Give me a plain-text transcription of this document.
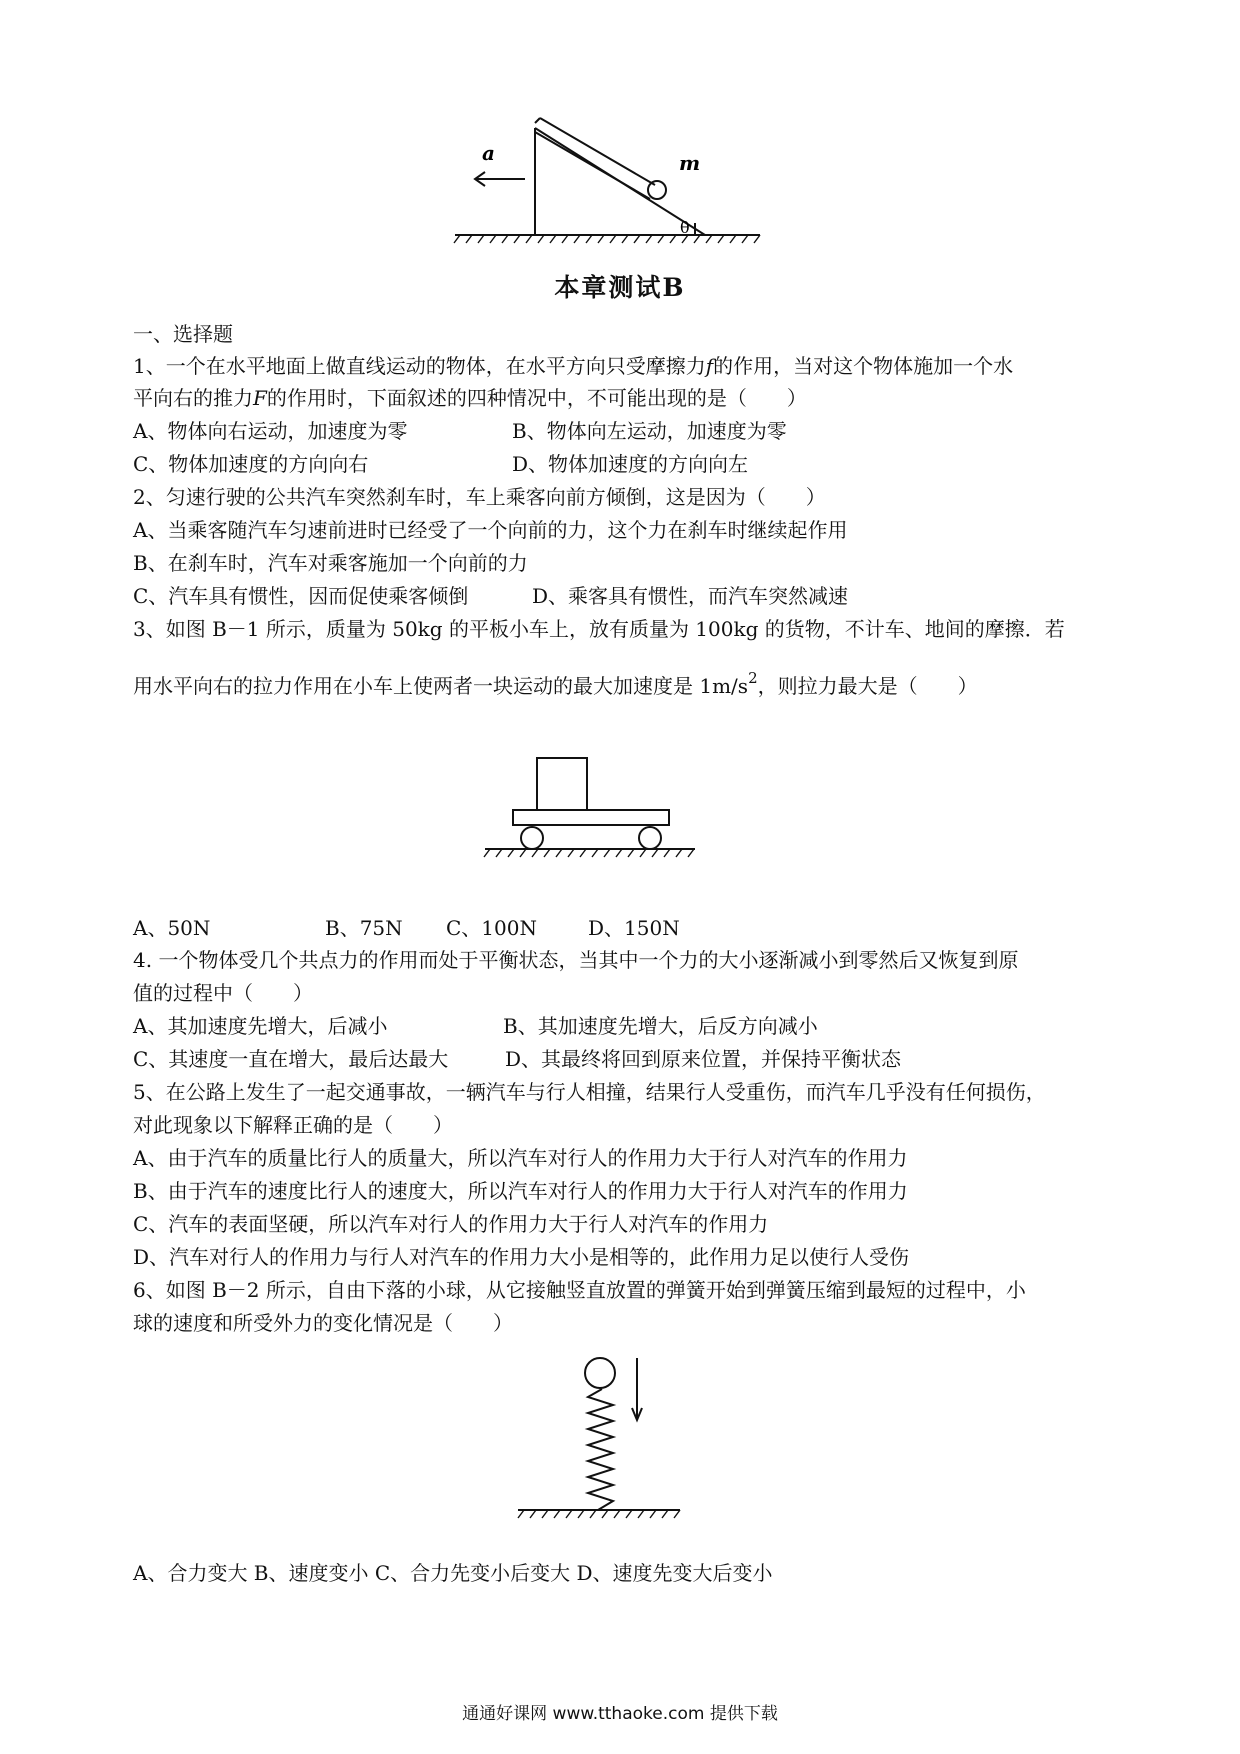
a	m
θ
本章测试B
一、选择题
1、一个在水平地面上做直线运动的物体，在水平方向只受摩擦力f的作用，当对这个物体施加一个水
平向右的推力F的作用时，下面叙述的四种情况中，不可能出现的是（　　）
A、物体向右运动，加速度为零	B、物体向左运动，加速度为零
C、物体加速度的方向向右	D、物体加速度的方向向左
2、匀速行驶的公共汽车突然刹车时，车上乘客向前方倾倒，这是因为（　　）
A、当乘客随汽车匀速前进时已经受了一个向前的力，这个力在刹车时继续起作用
B、在刹车时，汽车对乘客施加一个向前的力
C、汽车具有惯性，因而促使乘客倾倒	D、乘客具有惯性，而汽车突然减速
3、如图 B－1 所示，质量为 50kg 的平板小车上，放有质量为 100kg 的货物，不计车、地间的摩擦．若
用水平向右的拉力作用在小车上使两者一块运动的最大加速度是 $1m/s^2$，则拉力最大是（　　）
A、50N	B、75N C、100N	D、150N
4. 一个物体受几个共点力的作用而处于平衡状态，当其中一个力的大小逐渐减小到零然后又恢复到原
值的过程中（　　）
A、其加速度先增大，后减小	B、其加速度先增大，后反方向减小
C、其速度一直在增大，最后达最大	D、其最终将回到原来位置，并保持平衡状态
5、在公路上发生了一起交通事故，一辆汽车与行人相撞，结果行人受重伤，而汽车几乎没有任何损伤，
对此现象以下解释正确的是（　　）
A、由于汽车的质量比行人的质量大，所以汽车对行人的作用力大于行人对汽车的作用力
B、由于汽车的速度比行人的速度大，所以汽车对行人的作用力大于行人对汽车的作用力
C、汽车的表面坚硬，所以汽车对行人的作用力大于行人对汽车的作用力
D、汽车对行人的作用力与行人对汽车的作用力大小是相等的，此作用力足以使行人受伤
6、如图 B－2 所示，自由下落的小球，从它接触竖直放置的弹簧开始到弹簧压缩到最短的过程中，小
球的速度和所受外力的变化情况是（　　）
A、合力变大 B、速度变小 C、合力先变小后变大 D、速度先变大后变小
通通好课网 www.tthaoke.com 提供下载
